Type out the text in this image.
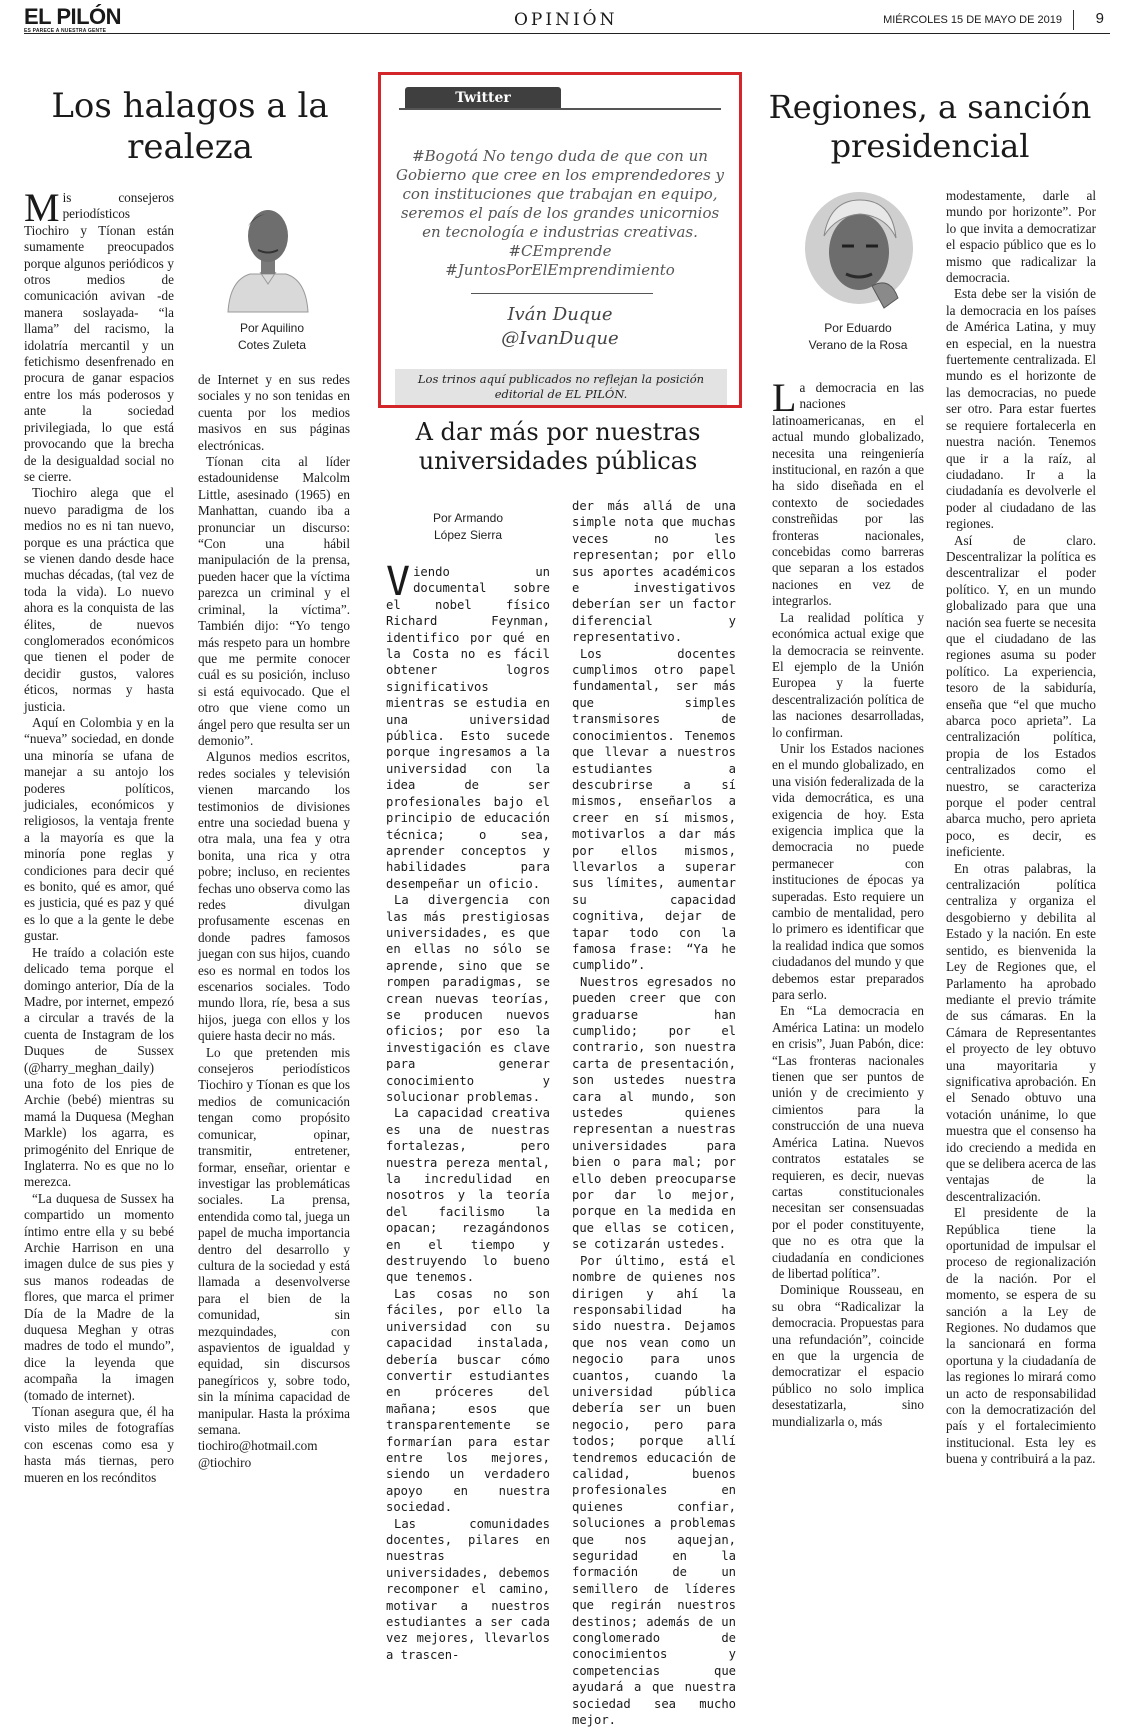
EL PILÓN
ES PARECE A NUESTRA GENTE
OPINIÓN	MIÉRCOLES 15 DE MAYO DE 2019 9
Los halagos a la realeza
Por Aquilino
Cotes Zuleta
M is consejeros periodísticos Tiochiro y Tíonan están sumamente preocupados porque algunos periódicos y otros medios de comunicación avivan -de manera soslayada- “la llama” del racismo, la idolatría mercantil y un fetichismo desenfrenado en procura de ganar espacios entre los más poderosos y ante la sociedad privilegiada, lo que está provocando que la brecha de la desigualdad social no se cierre.

Tiochiro alega que el nuevo paradigma de los medios no es ni tan nuevo, porque es una práctica que se vienen dando desde hace muchas décadas, (tal vez de toda la vida). Lo nuevo ahora es la conquista de las élites, de nuevos conglomerados económicos que tienen el poder de decidir gustos, valores éticos, normas y hasta justicia.

Aquí en Colombia y en la “nueva” sociedad, en donde una minoría se ufana de manejar a su antojo los poderes políticos, judiciales, económicos y religiosos, la ventaja frente a la mayoría es que la minoría pone reglas y condiciones para decir qué es bonito, qué es amor, qué es justicia, qué es paz y qué es lo que a la gente le debe gustar.

He traído a colación este delicado tema porque el domingo anterior, Día de la Madre, por internet, empezó a circular a través de la cuenta de Instagram de los Duques de Sussex (@harry_meghan_daily) una foto de los pies de Archie (bebé) mientras su mamá la Duquesa (Meghan Markle) los agarra, es primogénito del Enrique de Inglaterra. No es que no lo merezca.

“La duquesa de Sussex ha compartido un momento íntimo entre ella y su bebé Archie Harrison en una imagen dulce de sus pies y sus manos rodeadas de flores, que marca el primer Día de la Madre de la duquesa Meghan y otras madres de todo el mundo”, dice la leyenda que acompaña la imagen (tomado de internet).

Tíonan asegura que, él ha visto miles de fotografías con escenas como esa y hasta más tiernas, pero mueren en los recónditos

de Internet y en sus redes sociales y no son tenidas en cuenta por los medios masivos en sus páginas electrónicas.

Tíonan cita al líder estadounidense Malcolm Little, asesinado (1965) en Manhattan, cuando iba a pronunciar un discurso: “Con una hábil manipulación de la prensa, pueden hacer que la víctima parezca un criminal y el criminal, la víctima”. También dijo: “Yo tengo más respeto para un hombre que me permite conocer cuál es su posición, incluso si está equivocado. Que el otro que viene como un ángel pero que resulta ser un demonio”.

Algunos medios escritos, redes sociales y televisión vienen marcando los testimonios de divisiones entre una sociedad buena y otra mala, una fea y otra bonita, una rica y otra pobre; incluso, en recientes fechas uno observa como las redes divulgan profusamente escenas en donde padres famosos juegan con sus hijos, cuando eso es normal en todos los escenarios sociales. Todo mundo llora, ríe, besa a sus hijos, juega con ellos y los quiere hasta decir no más.

Lo que pretenden mis consejeros periodísticos Tiochiro y Tíonan es que los medios de comunicación tengan como propósito comunicar, opinar, transmitir, entretener, formar, enseñar, orientar e investigar las problemáticas sociales. La prensa, entendida como tal, juega un papel de mucha importancia dentro del desarrollo y cultura de la sociedad y está llamada a desenvolverse para el bien de la comunidad, sin mezquindades, con aspavientos de igualdad y equidad, sin discursos panegíricos y, sobre todo, sin la mínima capacidad de manipular. Hasta la próxima semana. tiochiro@hotmail.com @tiochiro

Twitter
#Bogotá No tengo duda de que con un Gobierno que cree en los emprendedores y con instituciones que trabajan en equipo, seremos el país de los grandes unicornios en tecnología e industrias creativas. #CEmprende #JuntosPorElEmprendimiento
Iván Duque
@IvanDuque
Los trinos aquí publicados no reflejan la posición editorial de EL PILÓN.
A dar más por nuestras universidades públicas
Por Armando
López Sierra
V iendo un documental sobre el nobel físico Richard Feynman, identifico por qué en la Costa no es fácil obtener logros significativos mientras se estudia en una universidad pública. Esto sucede porque ingresamos a la universidad con la idea de ser profesionales bajo el principio de educación técnica; o sea, aprender conceptos y habilidades para desempeñar un oficio.

La divergencia con las más prestigiosas universidades, es que en ellas no sólo se aprende, sino que se rompen paradigmas, se crean nuevas teorías, se producen nuevos oficios; por eso la investigación es clave para generar conocimiento y solucionar problemas.

La capacidad creativa es una de nuestras fortalezas, pero nuestra pereza mental, la incredulidad en nosotros y la teoría del facilismo la opacan; rezagándonos en el tiempo y destruyendo lo bueno que tenemos.

Las cosas no son fáciles, por ello la universidad con su capacidad instalada, debería buscar cómo convertir estudiantes en próceres del mañana; esos que transparentemente se formarían para estar entre los mejores, siendo un verdadero apoyo en nuestra sociedad.

Las comunidades docentes, pilares en nuestras universidades, debemos recomponer el camino, motivar a nuestros estudiantes a ser cada vez mejores, llevarlos a trascen-

der más allá de una simple nota que muchas veces no les representan; por ello sus aportes académicos e investigativos deberían ser un factor diferencial y representativo.

Los docentes cumplimos otro papel fundamental, ser más que simples transmisores de conocimientos. Tenemos que llevar a nuestros estudiantes a descubrirse a sí mismos, enseñarlos a creer en sí mismos, motivarlos a dar más por ellos mismos, llevarlos a superar sus límites, aumentar su capacidad cognitiva, dejar de tapar todo con la famosa frase: “Ya he cumplido”.

Nuestros egresados no pueden creer que con graduarse han cumplido; por el contrario, son nuestra carta de presentación, son ustedes nuestra cara al mundo, son ustedes quienes representan a nuestras universidades para bien o para mal; por ello deben preocuparse por dar lo mejor, porque en la medida en que ellas se coticen, se cotizarán ustedes.

Por último, está el nombre de quienes nos dirigen y ahí la responsabilidad ha sido nuestra. Dejamos que nos vean como un negocio para unos cuantos, cuando la universidad pública debería ser un buen negocio, pero para todos; porque allí tendremos educación de calidad, buenos profesionales en quienes confiar, soluciones a problemas que nos aquejan, seguridad en la formación de un semillero de líderes que regirán nuestros destinos; además de un conglomerado de conocimientos y competencias que ayudará a que nuestra sociedad sea mucho mejor.

Regiones, a sanción presidencial
Por Eduardo
Verano de la Rosa
L a democracia en las naciones latinoamericanas, en el actual mundo globalizado, necesita una reingeniería institucional, en razón a que ha sido diseñada en el contexto de sociedades constreñidas por las fronteras nacionales, concebidas como barreras que separan a los estados naciones en vez de integrarlos.

La realidad política y económica actual exige que la democracia se reinvente. El ejemplo de la Unión Europea y la fuerte descentralización política de las naciones desarrolladas, lo confirman.

Unir los Estados naciones en el mundo globalizado, en una visión federalizada de la vida democrática, es una exigencia de hoy. Esta exigencia implica que la democracia no puede permanecer con instituciones de épocas ya superadas. Esto requiere un cambio de mentalidad, pero lo primero es identificar que la realidad indica que somos ciudadanos del mundo y que debemos estar preparados para serlo.

En “La democracia en América Latina: un modelo en crisis”, Juan Pabón, dice: “Las fronteras nacionales tienen que ser puntos de unión y de crecimiento y cimientos para la construcción de una nueva América Latina. Nuevos contratos estatales se requieren, es decir, nuevas cartas constitucionales necesitan ser consensuadas por el poder constituyente, que no es otra que la ciudadanía en condiciones de libertad política”.

Dominique Rousseau, en su obra “Radicalizar la democracia. Propuestas para una refundación”, coincide en que la urgencia de democratizar el espacio público no solo implica desestatizarla, sino mundializarla o, más

modestamente, darle al mundo por horizonte”. Por lo que invita a democratizar el espacio público que es lo mismo que radicalizar la democracia.

Esta debe ser la visión de la democracia en los países de América Latina, y muy en especial, en la nuestra fuertemente centralizada. El mundo es el horizonte de las democracias, no puede ser otro. Para estar fuertes se requiere fortalecerla en nuestra nación. Tenemos que ir a la raíz, al ciudadano. Ir a la ciudadanía es devolverle el poder al ciudadano de las regiones.

Así de claro. Descentralizar la política es descentralizar el poder político. Y, en un mundo globalizado para que una nación sea fuerte se necesita que el ciudadano de las regiones asuma su poder político. La experiencia, tesoro de la sabiduría, enseña que “el que mucho abarca poco aprieta”. La centralización política, propia de los Estados centralizados como el nuestro, se caracteriza porque el poder central abarca mucho, pero aprieta poco, es decir, es ineficiente.

En otras palabras, la centralización política centraliza y organiza el desgobierno y debilita al Estado y la nación. En este sentido, es bienvenida la Ley de Regiones que, el Parlamento ha aprobado mediante el previo trámite de sus cámaras. En la Cámara de Representantes el proyecto de ley obtuvo una mayoritaria y significativa aprobación. En el Senado obtuvo una votación unánime, lo que muestra que el consenso ha ido creciendo a medida en que se delibera acerca de las ventajas de la descentralización.

El presidente de la República tiene la oportunidad de impulsar el proceso de regionalización de la nación. Por el momento, se espera de su sanción a la Ley de Regiones. No dudamos que la sancionará en forma oportuna y la ciudadanía de las regiones lo mirará como un acto de responsabilidad con la democratización del país y el fortalecimiento institucional. Esta ley es buena y contribuirá a la paz.
